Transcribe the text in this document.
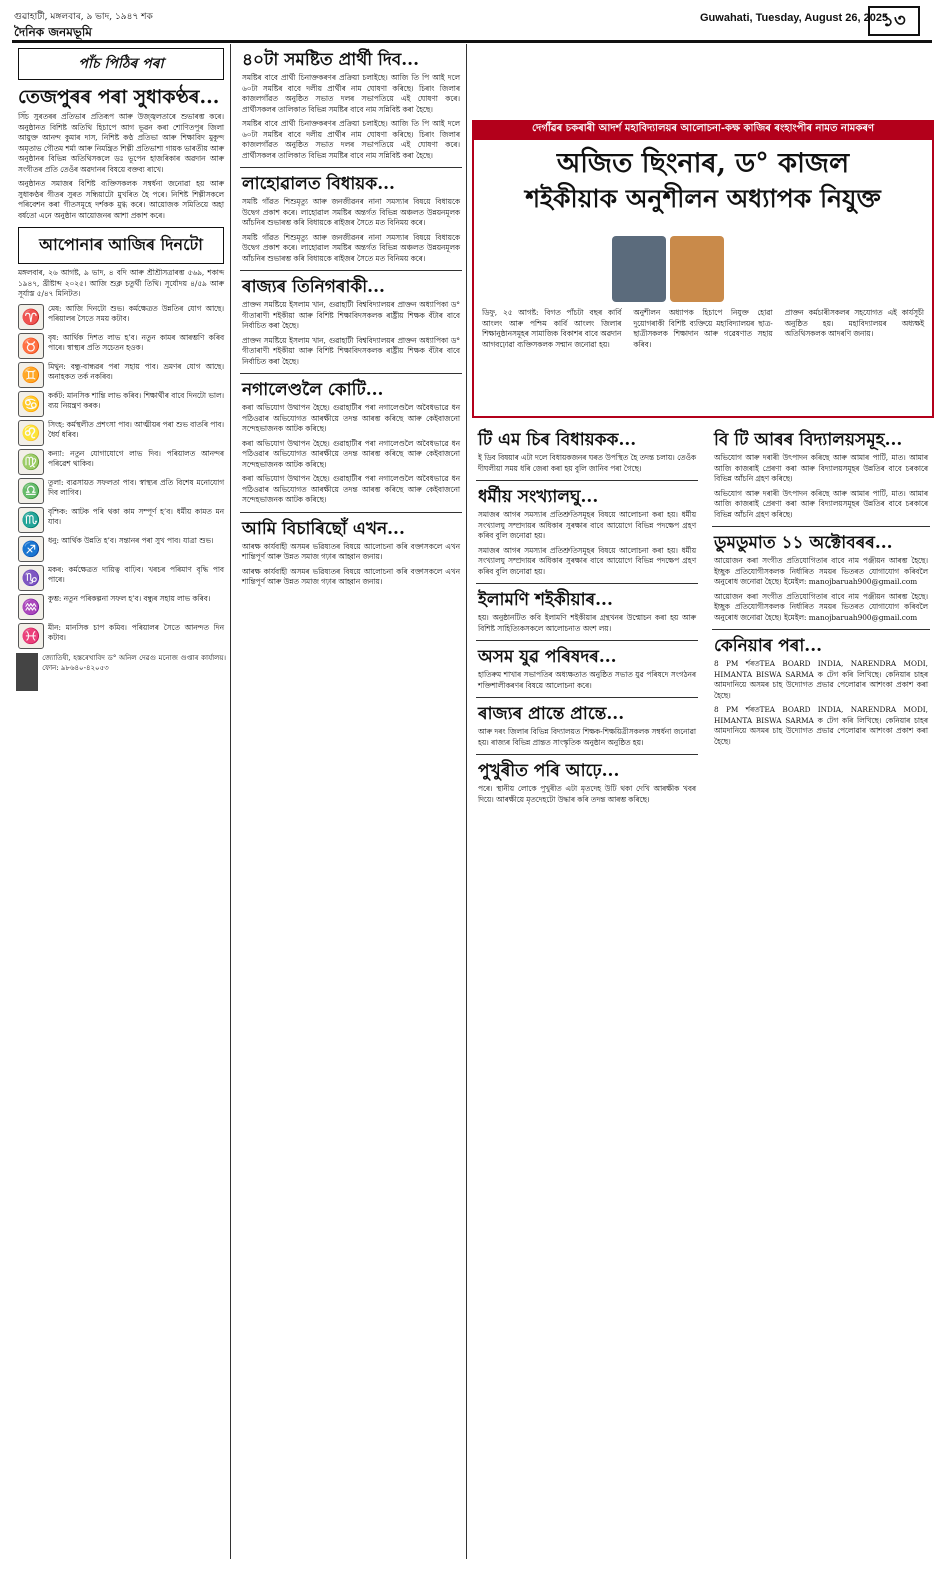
গুৱাহাটী, মঙ্গলবাৰ, ৯ ভাদ, ১৯৪৭ শক
দৈনিক জনমভূমি
Guwahati, Tuesday, August 26, 2025
১৩
পাঁচ পিঠিৰ পৰা
তেজপুৰৰ পৰা সুধাকণ্ঠৰ...

সিঁচ সুৰতৰৰ প্ৰতিভাৰ প্ৰতিৰূপ আৰু উজ্জ্বলতাৰে শুভাৰম্ভ কৰে। অনুষ্ঠানত বিশিষ্ট অতিথি হিচাপে আগ ভূৱন কৰা শোণিতপুৰ জিলা আয়ুক্ত আনন্দ কুমাৰ দাস, নিশিষ্ট কণ্ঠ প্ৰতিভা আৰু শিক্ষাবিদ মুকুন্দ অমৃতাভ গৌতম শৰ্মা আৰু নিমন্ত্ৰিত শিল্পী প্ৰতিভাশা গায়ক ভাৰতীয় আৰু অনুষ্ঠানৰ বিভিন্ন অতিথিসকলে ডঃ ভূপেন হাজৰিকাৰ অৱদান আৰু সংগীতৰ প্ৰতি তেওঁৰ অৱদানৰ বিষয়ে বক্তব্য ৰাখে।

অনুষ্ঠানত সমাজৰ বিশিষ্ট ব্যক্তিসকলক সম্বৰ্ধনা জনোৱা হয় আৰু সুধাকণ্ঠৰ গীতৰ সুৰত সন্ধিয়াটো মুখৰিত হৈ পৰে। নিশিষ্ট শিল্পীসকলে পৰিবেশন কৰা গীতসমূহে দৰ্শকক মুগ্ধ কৰে। আয়োজক সমিতিয়ে অহা বৰ্ষতো এনে অনুষ্ঠান আয়োজনৰ আশা প্ৰকাশ কৰে।

আপোনাৰ আজিৰ দিনটো

মঙ্গলবাৰ, ২৬ আগষ্ট, ৯ ভাদ, ৪ বদি আৰু শ্ৰীশ্ৰীসত্ৰাৰম্ভ ৫৬৯, শকাব্দ ১৯৪৭, খ্ৰীষ্টাব্দ ২০২৫। আজি শুক্ল চতুৰ্থী তিথি। সূৰ্যোদয় ৪/৫৯ আৰু সূৰ্যাস্ত ৫/৪৭ মিনিটত।

♈	মেষ: আজি দিনটো শুভ। কৰ্মক্ষেত্ৰত উন্নতিৰ যোগ আছে। পৰিয়ালৰ সৈতে সময় কটাব।

♉	বৃষ: আৰ্থিক দিশত লাভ হ’ব। নতুন কামৰ আৰম্ভণি কৰিব পাৰে। স্বাস্থ্যৰ প্ৰতি সচেতন হওক।

♊	মিথুন: বন্ধু-বান্ধৱৰ পৰা সহায় পাব। ভ্ৰমণৰ যোগ আছে। অনাহকত তৰ্ক নকৰিব।

♋	কৰ্কট: মানসিক শান্তি লাভ কৰিব। শিক্ষাৰ্থীৰ বাবে দিনটো ভাল। ব্যয় নিয়ন্ত্ৰণ কৰক।

♌	সিংহ: কৰ্মস্থলীত প্ৰশংসা পাব। আত্মীয়ৰ পৰা শুভ বাতৰি পাব। ধৈৰ্য ধৰিব।

♍	কন্যা: নতুন যোগাযোগে লাভ দিব। পৰিয়ালত আনন্দৰ পৰিৱেশ থাকিব।

♎	তুলা: ব্যৱসায়ত সফলতা পাব। স্বাস্থ্যৰ প্ৰতি বিশেষ মনোযোগ দিব লাগিব।

♏	বৃশ্চিক: আটক পৰি থকা কাম সম্পূৰ্ণ হ’ব। ধৰ্মীয় কামত মন যাব।

♐	ধনু: আৰ্থিক উন্নতি হ’ব। সন্তানৰ পৰা সুখ পাব। যাত্ৰা শুভ।

♑	মকৰ: কৰ্মক্ষেত্ৰত দায়িত্ব বাঢ়িব। খৰচৰ পৰিমাণ বৃদ্ধি পাব পাৰে।

♒	কুম্ভ: নতুন পৰিকল্পনা সফল হ’ব। বন্ধুৰ সহায় লাভ কৰিব।

♓	মীন: মানসিক চাপ কমিব। পৰিয়ালৰ সৈতে আনন্দত দিন কটাব।

জ্যোতিষী, হস্তৰেখাবিদ ড° অনিল দেৱগু মনোজ গুপ্তাৰ কাৰ্যালয়। ফোন: ৯৮৬৪০-৪২০৫৩

৪০টা সমষ্টিত প্ৰাৰ্থী দিব...

সমষ্টিৰ বাবে প্ৰাৰ্থী চিনাক্তকৰণৰ প্ৰক্ৰিয়া চলাইছে। আজি তি পি আই দলে ৬০টা সমষ্টিৰ বাবে দলীয় প্ৰাৰ্থীৰ নাম ঘোষণা কৰিছে। চিৰাং জিলাৰ কাজলগাঁৱত অনুষ্ঠিত সভাত দলৰ সভাপতিয়ে এই ঘোষণা কৰে। প্ৰাৰ্থীসকলৰ তালিকাত বিভিন্ন সমষ্টিৰ বাবে নাম সন্নিবিষ্ট কৰা হৈছে।

সমষ্টিৰ বাবে প্ৰাৰ্থী চিনাক্তকৰণৰ প্ৰক্ৰিয়া চলাইছে। আজি তি পি আই দলে ৬০টা সমষ্টিৰ বাবে দলীয় প্ৰাৰ্থীৰ নাম ঘোষণা কৰিছে। চিৰাং জিলাৰ কাজলগাঁৱত অনুষ্ঠিত সভাত দলৰ সভাপতিয়ে এই ঘোষণা কৰে। প্ৰাৰ্থীসকলৰ তালিকাত বিভিন্ন সমষ্টিৰ বাবে নাম সন্নিবিষ্ট কৰা হৈছে।

লাহোৱালত বিধায়ক...

সমষ্টি গাঁৱত শিশুমৃত্যু আৰু জনজীৱনৰ নানা সমস্যাৰ বিষয়ে বিধায়কে উদ্বেগ প্ৰকাশ কৰে। লাহোৱাল সমষ্টিৰ অন্তৰ্গত বিভিন্ন অঞ্চলত উন্নয়নমূলক আঁচনিৰ শুভাৰম্ভ কৰি বিধায়কে ৰাইজৰ সৈতে মত বিনিময় কৰে।

সমষ্টি গাঁৱত শিশুমৃত্যু আৰু জনজীৱনৰ নানা সমস্যাৰ বিষয়ে বিধায়কে উদ্বেগ প্ৰকাশ কৰে। লাহোৱাল সমষ্টিৰ অন্তৰ্গত বিভিন্ন অঞ্চলত উন্নয়নমূলক আঁচনিৰ শুভাৰম্ভ কৰি বিধায়কে ৰাইজৰ সৈতে মত বিনিময় কৰে।

ৰাজ্যৰ তিনিগৰাকী...

প্ৰাক্তন সমষ্টিয়ে ইসলাম খান, গুৱাহাটী বিশ্ববিদ্যালয়ৰ প্ৰাক্তন অধ্যাপিকা ড° গীতাৰাণী শইকীয়া আৰু বিশিষ্ট শিক্ষাবিদসকলক ৰাষ্ট্ৰীয় শিক্ষক বঁটাৰ বাবে নিৰ্বাচিত কৰা হৈছে।

প্ৰাক্তন সমষ্টিয়ে ইসলাম খান, গুৱাহাটী বিশ্ববিদ্যালয়ৰ প্ৰাক্তন অধ্যাপিকা ড° গীতাৰাণী শইকীয়া আৰু বিশিষ্ট শিক্ষাবিদসকলক ৰাষ্ট্ৰীয় শিক্ষক বঁটাৰ বাবে নিৰ্বাচিত কৰা হৈছে।

নগালেণ্ডলৈ কোটি...

কৰা অভিযোগ উত্থাপন হৈছে। গুৱাহাটীৰ পৰা নগালেণ্ডলৈ অবৈধভাৱে ধন পঠিওৱাৰ অভিযোগত আৰক্ষীয়ে তদন্ত আৰম্ভ কৰিছে আৰু কেইবাজনো সন্দেহভাজনক আটক কৰিছে।

কৰা অভিযোগ উত্থাপন হৈছে। গুৱাহাটীৰ পৰা নগালেণ্ডলৈ অবৈধভাৱে ধন পঠিওৱাৰ অভিযোগত আৰক্ষীয়ে তদন্ত আৰম্ভ কৰিছে আৰু কেইবাজনো সন্দেহভাজনক আটক কৰিছে।

কৰা অভিযোগ উত্থাপন হৈছে। গুৱাহাটীৰ পৰা নগালেণ্ডলৈ অবৈধভাৱে ধন পঠিওৱাৰ অভিযোগত আৰক্ষীয়ে তদন্ত আৰম্ভ কৰিছে আৰু কেইবাজনো সন্দেহভাজনক আটক কৰিছে।

আমি বিচাৰিছোঁ এখন...

আৰক্ষ কাৰ্যবাহী অসমৰ ভৱিষ্যতৰ বিষয়ে আলোচনা কৰি বক্তাসকলে এখন শান্তিপূৰ্ণ আৰু উন্নত সমাজ গঢ়াৰ আহ্বান জনায়।

আৰক্ষ কাৰ্যবাহী অসমৰ ভৱিষ্যতৰ বিষয়ে আলোচনা কৰি বক্তাসকলে এখন শান্তিপূৰ্ণ আৰু উন্নত সমাজ গঢ়াৰ আহ্বান জনায়।

দেৰ্গাঁৱৰ চকৰাৰী আদৰ্শ মহাবিদ্যালয়ৰ আলোচনা-কক্ষ কাজিৰ ৰংহাংপীৰ নামত নামকৰণ
অজিত ছিংনাৰ, ড° কাজল
শইকীয়াক অনুশীলন অধ্যাপক নিযুক্ত

ডিফু, ২৫ আগষ্ট: বিগত পাঁচটা বছৰ কাৰ্বি আংলং আৰু পশ্চিম কাৰ্বি আংলং জিলাৰ শিক্ষানুষ্ঠানসমূহৰ সামাজিক বিকাশৰ বাবে অৱদান আগবঢ়োৱা ব্যক্তিসকলক সন্মান জনোৱা হয়।

অনুশীলন অধ্যাপক হিচাপে নিযুক্ত হোৱা দুয়োগৰাকী বিশিষ্ট ব্যক্তিয়ে মহাবিদ্যালয়ৰ ছাত্ৰ-ছাত্ৰীসকলক শিক্ষাদান আৰু গৱেষণাত সহায় কৰিব।

প্ৰাক্তন কৰ্মচাৰীসকলৰ সহযোগত এই কাৰ্যসূচী অনুষ্ঠিত হয়। মহাবিদ্যালয়ৰ অধ্যক্ষই অতিথিসকলক আদৰণি জনায়।

টি এম চিৰ বিধায়কক...

ই ডিব বিষয়াৰ এটা দলে বিধায়কজনৰ ঘৰত উপস্থিত হৈ তদন্ত চলায়। তেওঁক দীঘলীয়া সময় ধৰি জেৰা কৰা হয় বুলি জানিব পৰা গৈছে।

ধৰ্মীয় সংখ্যালঘু...

সমাজৰ আগৰ সমস্যাৰ প্ৰতিশ্ৰুতিসমূহৰ বিষয়ে আলোচনা কৰা হয়। ধৰ্মীয় সংখ্যালঘু সম্প্ৰদায়ৰ অধিকাৰ সুৰক্ষাৰ বাবে আয়োগে বিভিন্ন পদক্ষেপ গ্ৰহণ কৰিব বুলি জনোৱা হয়।

সমাজৰ আগৰ সমস্যাৰ প্ৰতিশ্ৰুতিসমূহৰ বিষয়ে আলোচনা কৰা হয়। ধৰ্মীয় সংখ্যালঘু সম্প্ৰদায়ৰ অধিকাৰ সুৰক্ষাৰ বাবে আয়োগে বিভিন্ন পদক্ষেপ গ্ৰহণ কৰিব বুলি জনোৱা হয়।

ইলামণি শইকীয়াৰ...

হয়। অনুষ্ঠানটিত কবি ইলামণি শইকীয়াৰ গ্ৰন্থখনৰ উন্মোচন কৰা হয় আৰু বিশিষ্ট সাহিত্যিকসকলে আলোচনাত অংশ লয়।

অসম যুৱ পৰিষদৰ...

হাতিৰুম শাখাৰ সভাপতিৰ অধ্যক্ষতাত অনুষ্ঠিত সভাত যুৱ পৰিষদে সংগঠনৰ শক্তিশালীকৰণৰ বিষয়ে আলোচনা কৰে।

ৰাজ্যৰ প্ৰান্তে প্ৰান্তে...

আৰু দৰং জিলাৰ বিভিন্ন বিদ্যালয়ত শিক্ষক-শিক্ষয়িত্ৰীসকলক সম্বৰ্ধনা জনোৱা হয়। ৰাজ্যৰ বিভিন্ন প্ৰান্তত সাংস্কৃতিক অনুষ্ঠান অনুষ্ঠিত হয়।

পুখুৰীত পৰি আঢ়ে...

পৰে। স্থানীয় লোকে পুখুৰীত এটা মৃতদেহ উটি থকা দেখি আৰক্ষীক খবৰ দিয়ে। আৰক্ষীয়ে মৃতদেহটো উদ্ধাৰ কৰি তদন্ত আৰম্ভ কৰিছে।

বি টি আৰৰ বিদ্যালয়সমূহ...

অভিযোগ আৰু দৰাৰী উৎপাদন কৰিছে আৰু আমাৰ পাৰ্টি, মাত। আমাৰ আজি কাজৰাই প্ৰেৰণা কৰা আৰু বিদ্যালয়সমূহৰ উন্নতিৰ বাবে চৰকাৰে বিভিন্ন আঁচনি গ্ৰহণ কৰিছে।

অভিযোগ আৰু দৰাৰী উৎপাদন কৰিছে আৰু আমাৰ পাৰ্টি, মাত। আমাৰ আজি কাজৰাই প্ৰেৰণা কৰা আৰু বিদ্যালয়সমূহৰ উন্নতিৰ বাবে চৰকাৰে বিভিন্ন আঁচনি গ্ৰহণ কৰিছে।

ডুমডুমাত ১১ অক্টোবৰৰ...

আয়োজন কৰা সংগীত প্ৰতিযোগিতাৰ বাবে নাম পঞ্জীয়ন আৰম্ভ হৈছে। ইচ্ছুক প্ৰতিযোগীসকলক নিৰ্ধাৰিত সময়ৰ ভিতৰত যোগাযোগ কৰিবলৈ অনুৰোধ জনোৱা হৈছে। ইমেইল: manojbaruah900@gmail.com

আয়োজন কৰা সংগীত প্ৰতিযোগিতাৰ বাবে নাম পঞ্জীয়ন আৰম্ভ হৈছে। ইচ্ছুক প্ৰতিযোগীসকলক নিৰ্ধাৰিত সময়ৰ ভিতৰত যোগাযোগ কৰিবলৈ অনুৰোধ জনোৱা হৈছে। ইমেইল: manojbaruah900@gmail.com

কেনিয়াৰ পৰা...

8 PM ৰ্শৰতTEA BOARD INDIA, NARENDRA MODI, HIMANTA BISWA SARMA ক টেগ কৰি লিখিছে। কেনিয়াৰ চাহৰ আমদানিয়ে অসমৰ চাহ উদ্যোগত প্ৰভাৱ পেলোৱাৰ আশংকা প্ৰকাশ কৰা হৈছে।

8 PM ৰ্শৰতTEA BOARD INDIA, NARENDRA MODI, HIMANTA BISWA SARMA ক টেগ কৰি লিখিছে। কেনিয়াৰ চাহৰ আমদানিয়ে অসমৰ চাহ উদ্যোগত প্ৰভাৱ পেলোৱাৰ আশংকা প্ৰকাশ কৰা হৈছে।
